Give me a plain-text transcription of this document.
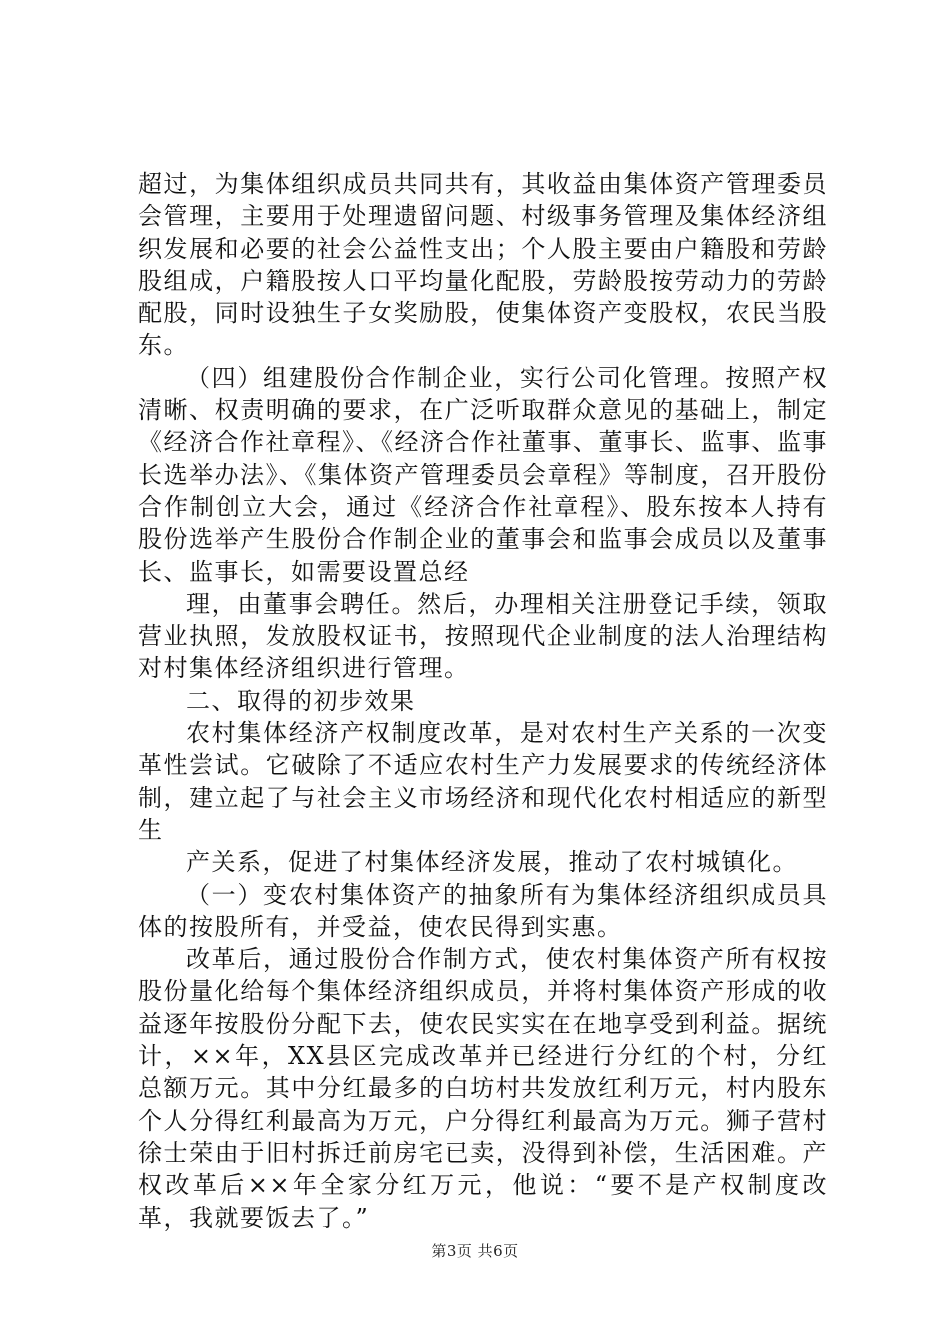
超过，为集体组织成员共同共有，其收益由集体资产管理委员会管理，主要用于处理遗留问题、村级事务管理及集体经济组织发展和必要的社会公益性支出；个人股主要由户籍股和劳龄股组成，户籍股按人口平均量化配股，劳龄股按劳动力的劳龄配股，同时设独生子女奖励股，使集体资产变股权，农民当股东。

（四）组建股份合作制企业，实行公司化管理。按照产权清晰、权责明确的要求，在广泛听取群众意见的基础上，制定《经济合作社章程》、《经济合作社董事、董事长、监事、监事长选举办法》、《集体资产管理委员会章程》等制度，召开股份合作制创立大会，通过《经济合作社章程》、股东按本人持有股份选举产生股份合作制企业的董事会和监事会成员以及董事长、监事长，如需要设置总经

理，由董事会聘任。然后，办理相关注册登记手续，领取营业执照，发放股权证书，按照现代企业制度的法人治理结构对村集体经济组织进行管理。

二、取得的初步效果

农村集体经济产权制度改革，是对农村生产关系的一次变革性尝试。它破除了不适应农村生产力发展要求的传统经济体制，建立起了与社会主义市场经济和现代化农村相适应的新型生

产关系，促进了村集体经济发展，推动了农村城镇化。

（一）变农村集体资产的抽象所有为集体经济组织成员具体的按股所有，并受益，使农民得到实惠。

改革后，通过股份合作制方式，使农村集体资产所有权按股份量化给每个集体经济组织成员，并将村集体资产形成的收益逐年按股份分配下去，使农民实实在在地享受到利益。据统计，××年，XX县区完成改革并已经进行分红的个村，分红总额万元。其中分红最多的白坊村共发放红利万元，村内股东个人分得红利最高为万元，户分得红利最高为万元。狮子营村徐士荣由于旧村拆迁前房宅已卖，没得到补偿，生活困难。产权改革后××年全家分红万元，他说：“要不是产权制度改革，我就要饭去了。”

第3页 共6页
